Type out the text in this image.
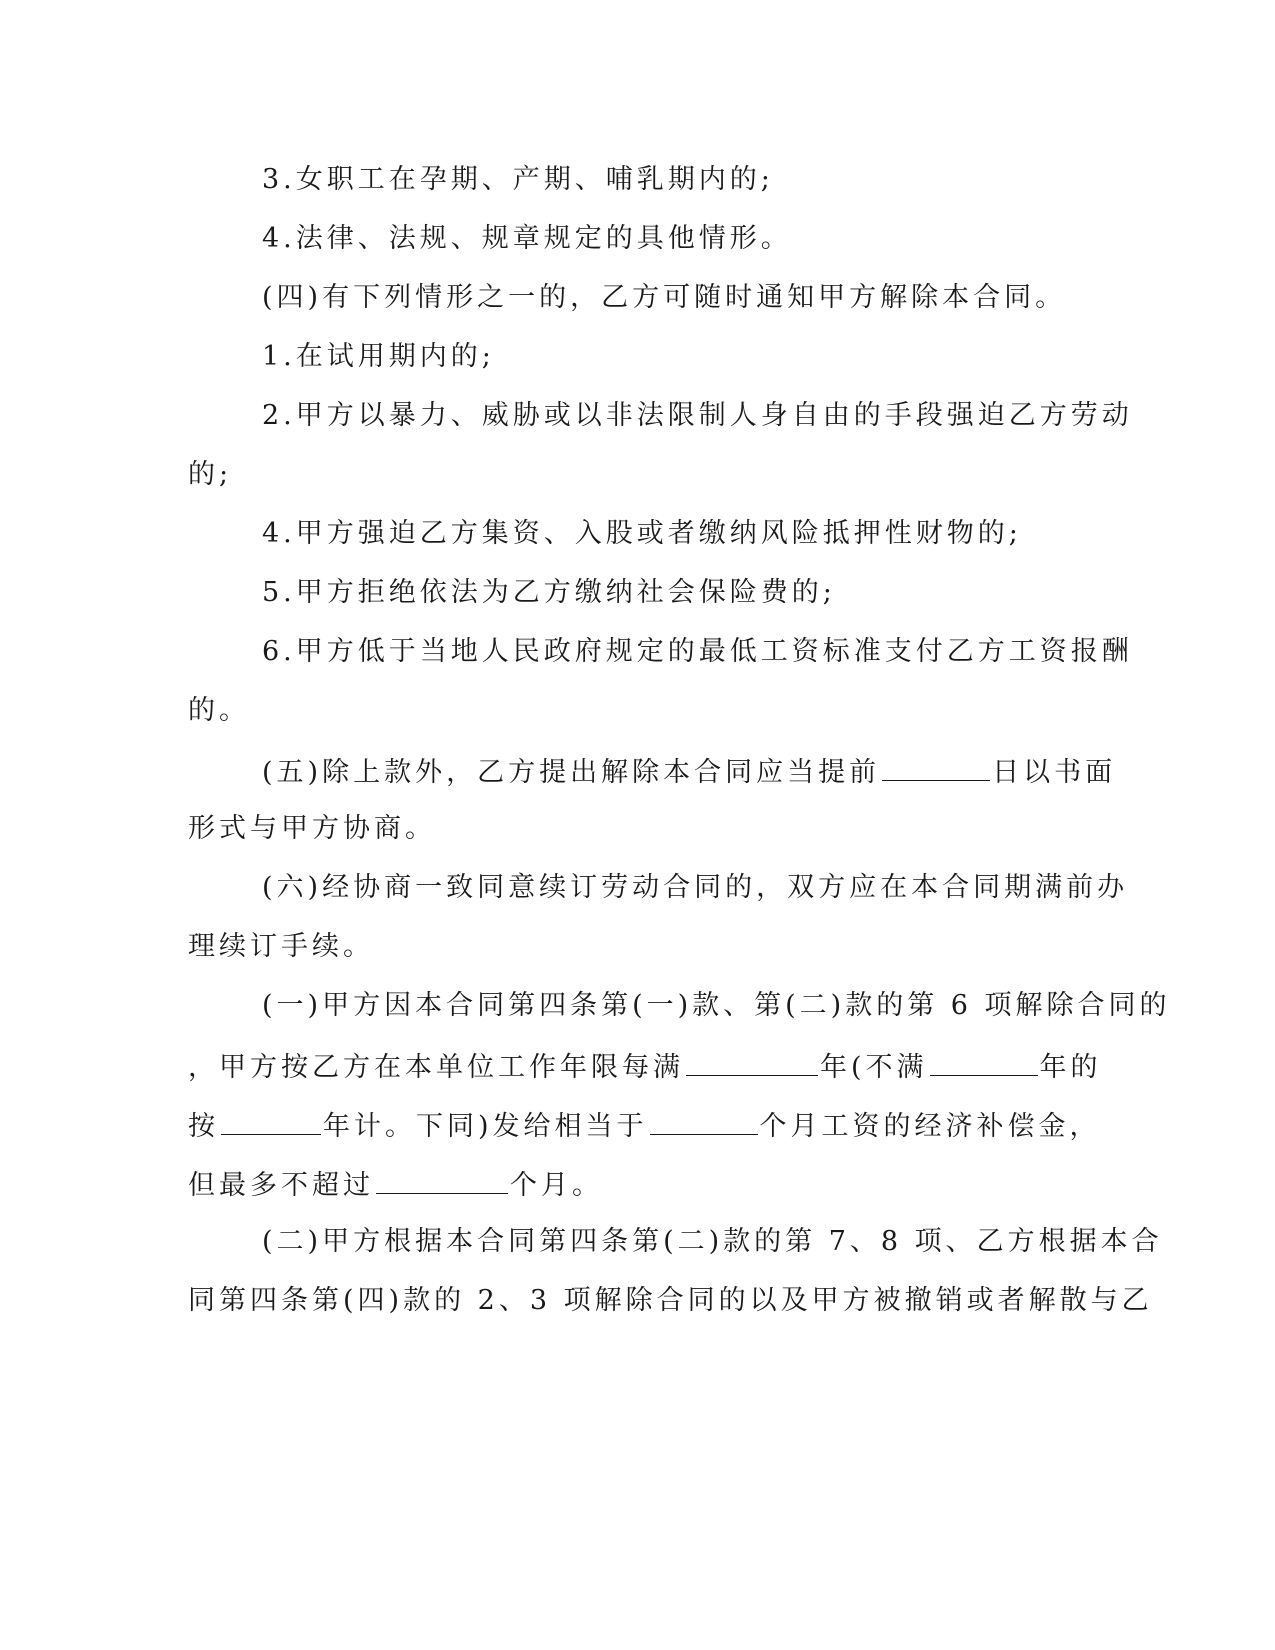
3.女职工在孕期、产期、哺乳期内的;
4.法律、法规、规章规定的具他情形。
(四)有下列情形之一的，乙方可随时通知甲方解除本合同。
1.在试用期内的;
2.甲方以暴力、威胁或以非法限制人身自由的手段强迫乙方劳动
的;
4.甲方强迫乙方集资、入股或者缴纳风险抵押性财物的;
5.甲方拒绝依法为乙方缴纳社会保险费的;
6.甲方低于当地人民政府规定的最低工资标准支付乙方工资报酬
的。
(五)除上款外，乙方提出解除本合同应当提前	日以书面
形式与甲方协商。
(六)经协商一致同意续订劳动合同的，双方应在本合同期满前办
理续订手续。
(一)甲方因本合同第四条第(一)款、第(二)款的第 6 项解除合同的
，甲方按乙方在本单位工作年限每满	年(不满	年的
按	年计。下同)发给相当于	个月工资的经济补偿金，
但最多不超过	个月。
(二)甲方根据本合同第四条第(二)款的第 7、8 项、乙方根据本合
同第四条第(四)款的 2、3 项解除合同的以及甲方被撤销或者解散与乙
